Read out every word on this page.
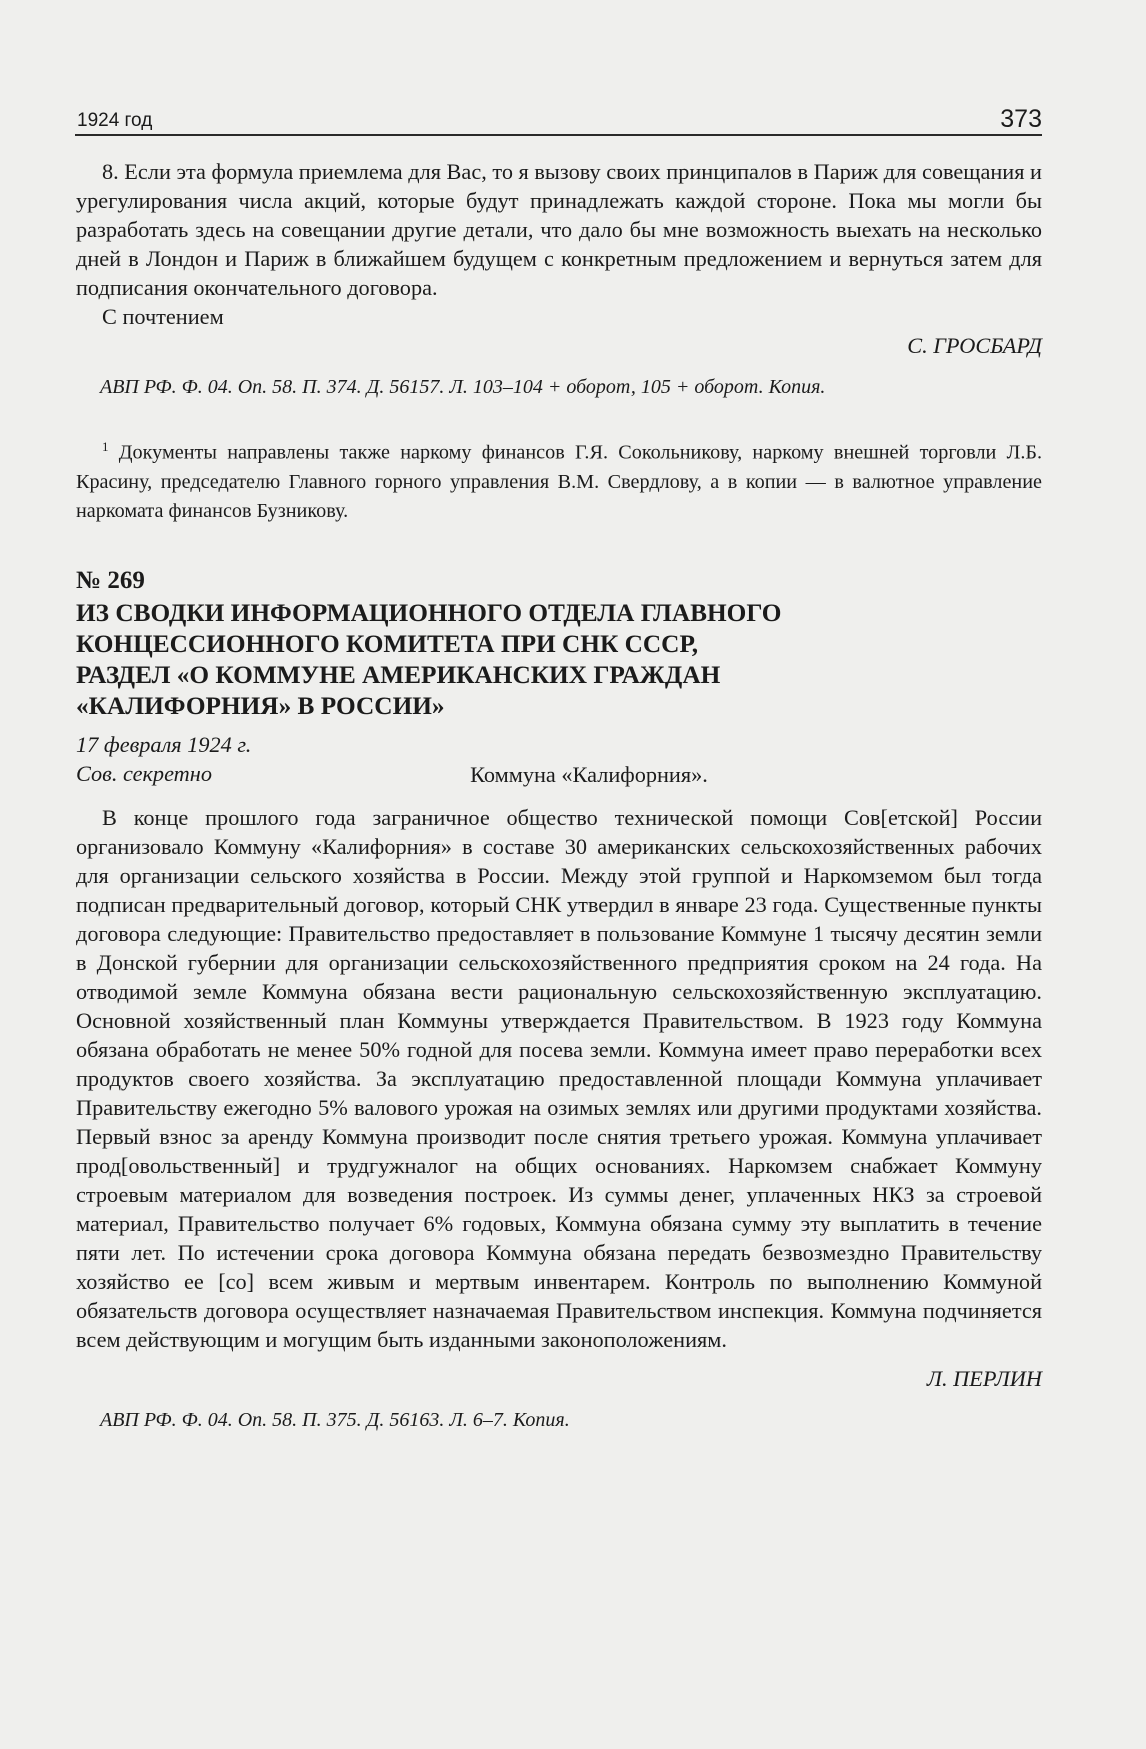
1924 год	373

8. Если эта формула приемлема для Вас, то я вызову своих принципалов в Париж для совещания и урегулирования числа акций, которые будут принадлежать каждой стороне. Пока мы могли бы разработать здесь на совещании другие детали, что дало бы мне возможность выехать на несколько дней в Лондон и Париж в ближайшем будущем с конкретным предложением и вернуться затем для подписания окончательного договора.

С почтением

С. ГРОСБАРД

АВП РФ. Ф. 04. Оп. 58. П. 374. Д. 56157. Л. 103–104 + оборот, 105 + оборот. Копия.

$^1$ Документы направлены также наркому финансов Г.Я. Сокольникову, наркому внешней торговли Л.Б. Красину, председателю Главного горного управления В.М. Свердлову, а в копии — в валютное управление наркомата финансов Бузникову.

№ 269
ИЗ СВОДКИ ИНФОРМАЦИОННОГО ОТДЕЛА ГЛАВНОГО
КОНЦЕССИОННОГО КОМИТЕТА ПРИ СНК СССР,
РАЗДЕЛ «О КОММУНЕ АМЕРИКАНСКИХ ГРАЖДАН
«КАЛИФОРНИЯ» В РОССИИ»
17 февраля 1924 г.
Сов. секретно	Коммуна «Калифорния».

В конце прошлого года заграничное общество технической помощи Сов[етской] России организовало Коммуну «Калифорния» в составе 30 американских сельскохозяйственных рабочих для организации сельского хозяйства в России. Между этой группой и Наркомземом был тогда подписан предварительный договор, который СНК утвердил в январе 23 года. Существенные пункты договора следующие: Правительство предоставляет в пользование Коммуне 1 тысячу десятин земли в Донской губернии для организации сельскохозяйственного предприятия сроком на 24 года. На отводимой земле Коммуна обязана вести рациональную сельскохозяйственную эксплуатацию. Основной хозяйственный план Коммуны утверждается Правительством. В 1923 году Коммуна обязана обработать не менее 50% годной для посева земли. Коммуна имеет право переработки всех продуктов своего хозяйства. За эксплуатацию предоставленной площади Коммуна уплачивает Правительству ежегодно 5% валового урожая на озимых землях или другими продуктами хозяйства. Первый взнос за аренду Коммуна производит после снятия третьего урожая. Коммуна уплачивает прод[овольственный] и трудгужналог на общих основаниях. Наркомзем снабжает Коммуну строевым материалом для возведения построек. Из суммы денег, уплаченных НКЗ за строевой материал, Правительство получает 6% годовых, Коммуна обязана сумму эту выплатить в течение пяти лет. По истечении срока договора Коммуна обязана передать безвозмездно Правительству хозяйство ее [со] всем живым и мертвым инвентарем. Контроль по выполнению Коммуной обязательств договора осуществляет назначаемая Правительством инспекция. Коммуна подчиняется всем действующим и могущим быть изданными законоположениям.

Л. ПЕРЛИН

АВП РФ. Ф. 04. Оп. 58. П. 375. Д. 56163. Л. 6–7. Копия.
